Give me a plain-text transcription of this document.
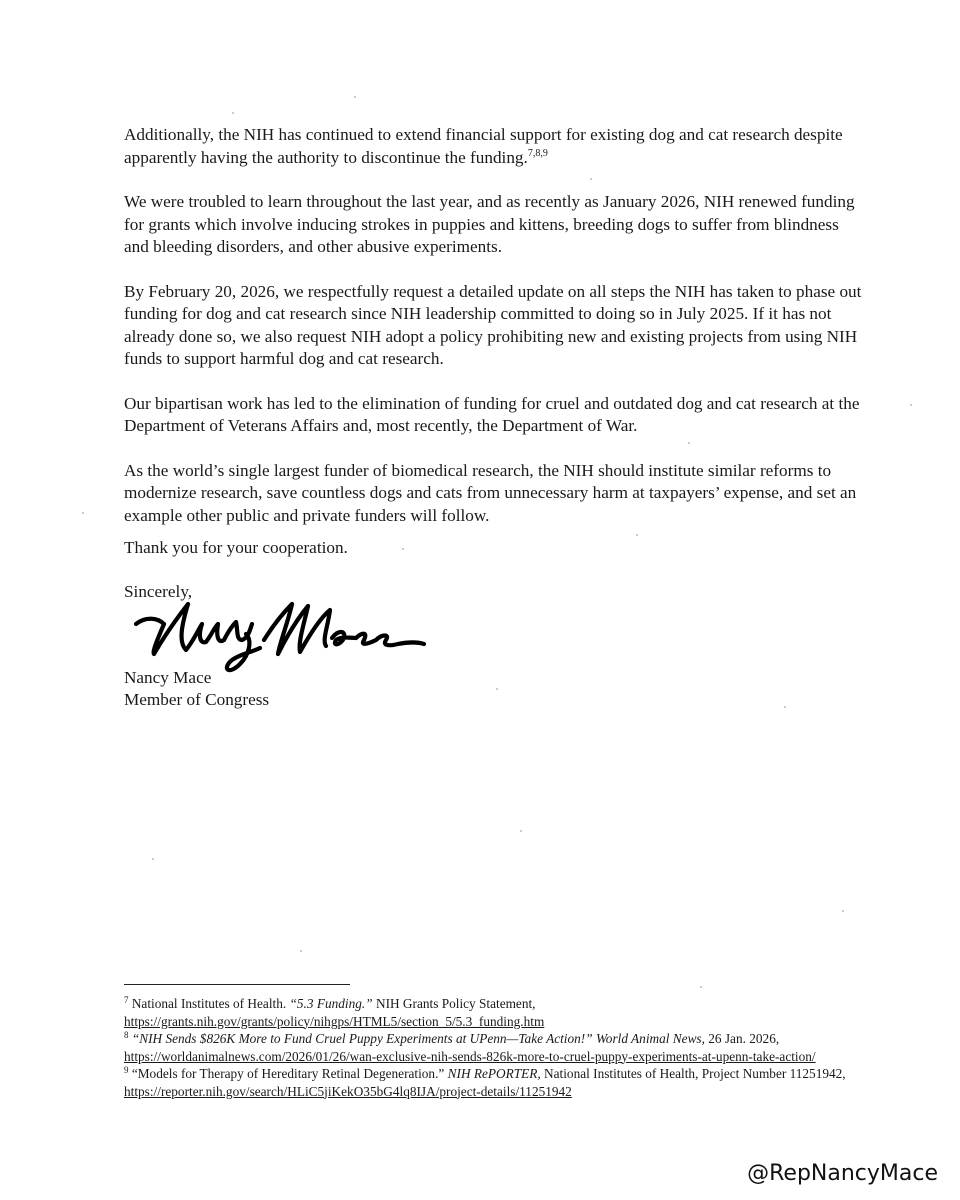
Additionally, the NIH has continued to extend financial support for existing dog and cat research despite apparently having the authority to discontinue the funding.$^{7,8,9}$

We were troubled to learn throughout the last year, and as recently as January 2026, NIH renewed funding for grants which involve inducing strokes in puppies and kittens, breeding dogs to suffer from blindness and bleeding disorders, and other abusive experiments.

By February 20, 2026, we respectfully request a detailed update on all steps the NIH has taken to phase out funding for dog and cat research since NIH leadership committed to doing so in July 2025. If it has not already done so, we also request NIH adopt a policy prohibiting new and existing projects from using NIH funds to support harmful dog and cat research.

Our bipartisan work has led to the elimination of funding for cruel and outdated dog and cat research at the Department of Veterans Affairs and, most recently, the Department of War.

As the world’s single largest funder of biomedical research, the NIH should institute similar reforms to modernize research, save countless dogs and cats from unnecessary harm at taxpayers’ expense, and set an example other public and private funders will follow.

Thank you for your cooperation.
Sincerely,
Nancy Mace
Member of Congress

$^7$ National Institutes of Health. “5.3 Funding.” NIH Grants Policy Statement,
https://grants.nih.gov/grants/policy/nihgps/HTML5/section_5/5.3_funding.htm

$^8$ “NIH Sends $826K More to Fund Cruel Puppy Experiments at UPenn—Take Action!” World Animal News, 26 Jan. 2026, https://worldanimalnews.com/2026/01/26/wan-exclusive-nih-sends-826k-more-to-cruel-puppy-experiments-at-upenn-take-action/

$^9$ “Models for Therapy of Hereditary Retinal Degeneration.” NIH RePORTER, National Institutes of Health, Project Number 11251942, https://reporter.nih.gov/search/HLiC5jiKekO35bG4lq8IJA/project-details/11251942

@RepNancyMace
